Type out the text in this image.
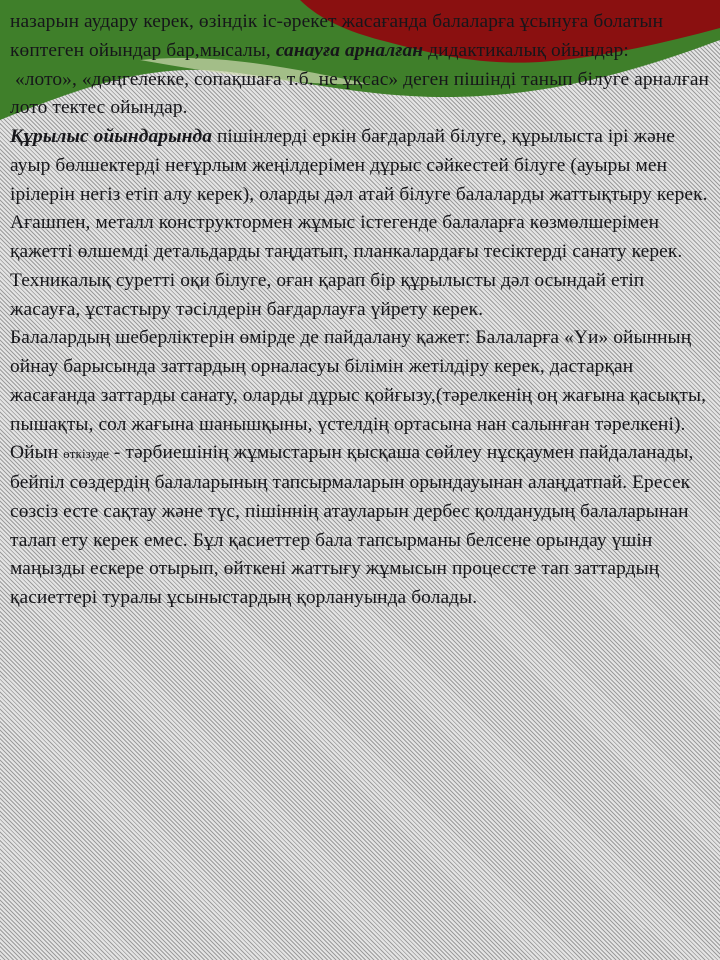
назарын аудару керек, өзіндік іс-әрекет жасағанда балаларға ұсынуға болатын көптеген ойындар бар,мысалы, санауға арналған дидактикалық ойындар:

«лото», «дөңгелекке, сопақшаға т.б. не ұқсас» деген пішінді танып білуге арналған лото тектес ойындар.

Құрылыс ойындарында пішінлерді еркін бағдарлай білуге, құрылыста ірі және ауыр бөлшектерді неғұрлым жеңілдерімен дұрыс сәйкестей білуге (ауыры мен ірілерін негіз етіп алу керек), оларды дәл атай білуге балаларды жаттықтыру керек.

Ағашпен, металл конструктормен жұмыс істегенде балаларға көзмөлшерімен қажетті өлшемді детальдарды таңдатып, планкалардағы тесіктерді санату керек. Техникалық суретті оқи білуге, оған қарап бір құрылысты дәл осындай етіп жасауға, ұстастыру тәсілдерін бағдарлауға үйрету керек.

Балалардың шеберліктерін өмірде де пайдалану қажет: Балаларға «Үи» ойынның ойнау барысында заттардың орналасуы білімін жетілдіру керек, дастарқан жасағанда заттарды санату, оларды дұрыс қойғызу,(тәрелкенің оң жағына қасықты, пышақты, сол жағына шанышқыны, үстелдің ортасына нан салынған тәрелкені).

Ойын өткізуде - тәрбиешінің жұмыстарын қысқаша сөйлеу нұсқаумен пайдаланады, бейпіл сөздердің балаларының тапсырмаларын орындауынан алаңдатпай. Ересек сөзсіз есте сақтау және түс, пішіннің атауларын дербес қолданудың балаларынан талап ету керек емес. Бұл қасиеттер бала тапсырманы белсене орындау үшін маңызды ескере отырып, өйткені жаттығу жұмысын процессте тап заттардың қасиеттері туралы ұсыныстардың қорлануында болады.
